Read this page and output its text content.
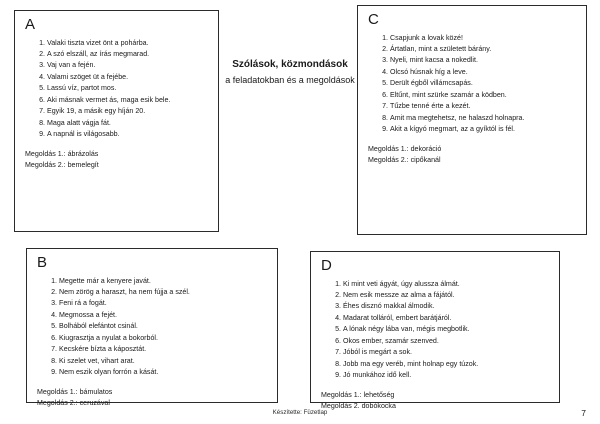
A
1. Valaki tiszta vizet önt a pohárba.
2. A szó elszáll, az írás megmarad.
3. Vaj van a fején.
4. Valami szöget üt a fejébe.
5. Lassú víz, partot mos.
6. Aki másnak vermet ás, maga esik bele.
7. Egyik 19, a másik egy híján 20.
8. Maga alatt vágja fát.
9. A napnál is világosabb.
Megoldás 1.: ábrázolás
Megoldás 2.: bemelegít
Szólások, közmondások
a feladatokban és a megoldások
C
1. Csapjunk a lovak közé!
2. Ártatlan, mint a született bárány.
3. Nyeli, mint kacsa a nokedlit.
4. Olcsó húsnak híg a leve.
5. Derült égből villámcsapás.
6. Eltűnt, mint szürke szamár a ködben.
7. Tűzbe tenné érte a kezét.
8. Amit ma megtehetsz, ne halaszd holnapra.
9. Akit a kígyó megmart, az a gyíktól is fél.
Megoldás 1.: dekoráció
Megoldás 2.: cipőkanál
B
1. Megette már a kenyere javát.
2. Nem zörög a haraszt, ha nem fújja a szél.
3. Feni rá a fogát.
4. Megmossa a fejét.
5. Bolhából elefántot csinál.
6. Kiugrasztja a nyulat a bokorból.
7. Kecskére bízta a káposztát.
8. Ki szelet vet, vihart arat.
9. Nem eszik olyan forrón a kását.
Megoldás 1.: bámulatos
Megoldás 2.: ceruzával
D
1. Ki mint veti ágyát, úgy alussza álmát.
2. Nem esik messze az alma a fájától.
3. Éhes disznó makkal álmodik.
4. Madarat tolláról, embert barátjáról.
5. A lónak négy lába van, mégis megbotlik.
6. Okos ember, szamár szenved.
7. Jóból is megárt a sok.
8. Jobb ma egy veréb, mint holnap egy túzok.
9. Jó munkához idő kell.
Megoldás 1.: lehetőség
Megoldás 2. dobókocka
Készítette: Füzetlap	7
